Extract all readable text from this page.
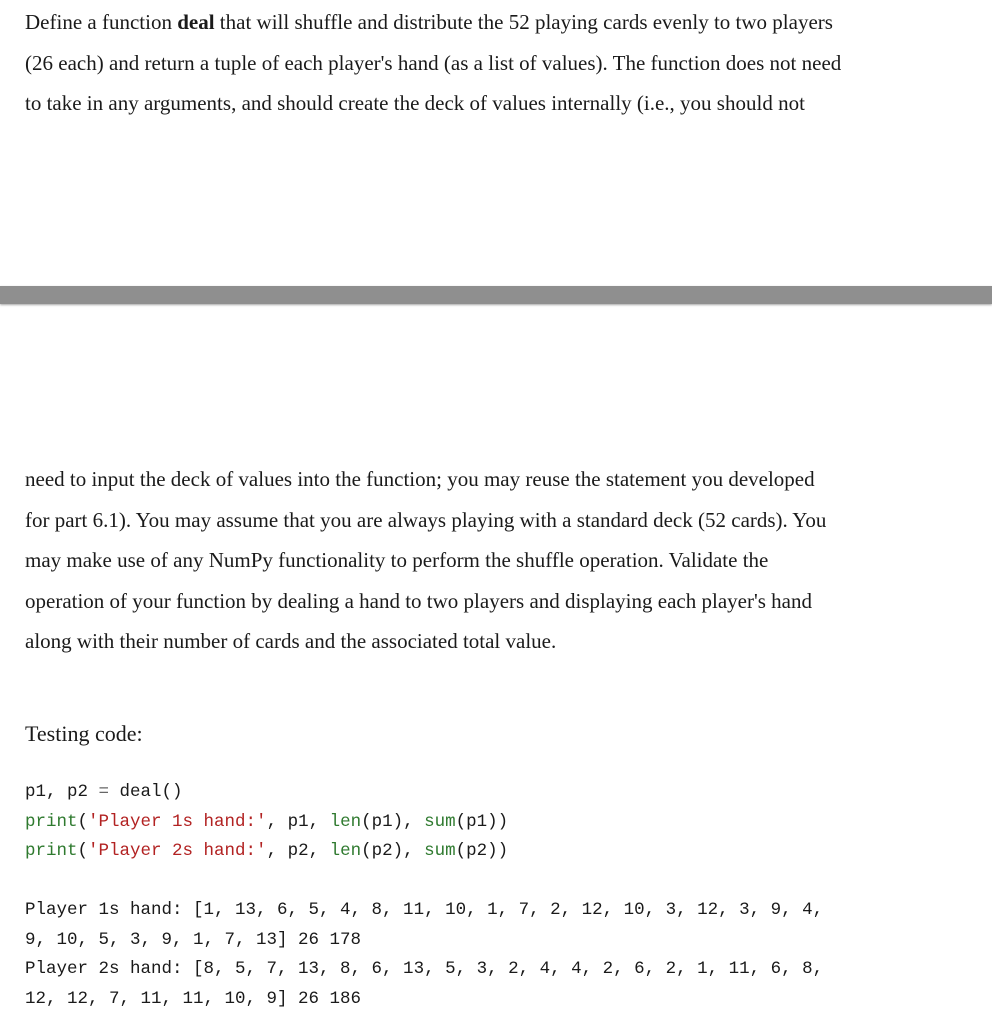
Define a function deal that will shuffle and distribute the 52 playing cards evenly to two players
(26 each) and return a tuple of each player's hand (as a list of values). The function does not need
to take in any arguments, and should create the deck of values internally (i.e., you should not
need to input the deck of values into the function; you may reuse the statement you developed
for part 6.1). You may assume that you are always playing with a standard deck (52 cards). You
may make use of any NumPy functionality to perform the shuffle operation. Validate the
operation of your function by dealing a hand to two players and displaying each player's hand
along with their number of cards and the associated total value.

Testing code:

p1, p2 = deal()
print('Player 1s hand:', p1, len(p1), sum(p1))
print('Player 2s hand:', p2, len(p2), sum(p2))
Player 1s hand: [1, 13, 6, 5, 4, 8, 11, 10, 1, 7, 2, 12, 10, 3, 12, 3, 9, 4,
9, 10, 5, 3, 9, 1, 7, 13] 26 178
Player 2s hand: [8, 5, 7, 13, 8, 6, 13, 5, 3, 2, 4, 4, 2, 6, 2, 1, 11, 6, 8,
12, 12, 7, 11, 11, 10, 9] 26 186
